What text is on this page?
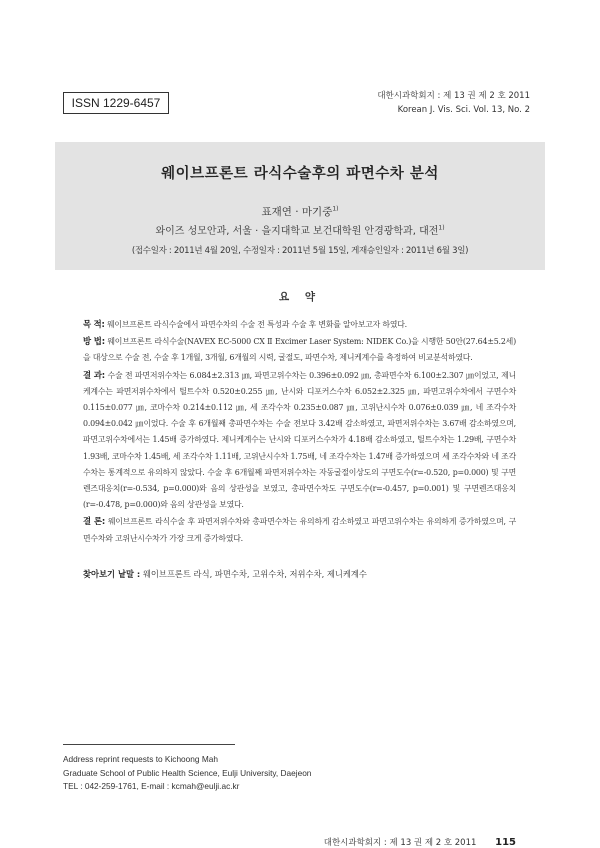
ISSN 1229-6457	대한시과학회지 : 제 13 권 제 2 호 2011
Korean J. Vis. Sci. Vol. 13, No. 2
웨이브프론트 라식수술후의 파면수차 분석
표재연 · 마기중$^{1)}$
와이즈 성모안과, 서울 · 을지대학교 보건대학원 안경광학과, 대전$^{1)}$
(접수일자 : 2011년 4월 20일, 수정일자 : 2011년 5월 15일, 게재승인일자 : 2011년 6월 3일)
요 약

목 적: 웨이브프론트 라식수술에서 파면수차의 수술 전 특성과 수술 후 변화를 알아보고자 하였다.

방 법: 웨이브프론트 라식수술(NAVEX EC-5000 CX Ⅱ Excimer Laser System: NIDEK Co.)을 시행한 50안(27.64±5.2세)을 대상으로 수술 전, 수술 후 1개월, 3개월, 6개월의 시력, 굴절도, 파면수차, 제니케계수를 측정하여 비교분석하였다.

결 과: 수술 전 파면저위수차는 6.084±2.313 ㎛, 파면고위수차는 0.396±0.092 ㎛, 총파면수차 6.100±2.307 ㎛이었고, 제니케계수는 파면저위수차에서 틸트수차 0.520±0.255 ㎛, 난시와 디포커스수차 6.052±2.325 ㎛, 파면고위수차에서 구면수차 0.115±0.077 ㎛, 코마수차 0.214±0.112 ㎛, 세 조각수차 0.235±0.087 ㎛, 고위난시수차 0.076±0.039 ㎛, 네 조각수차 0.094±0.042 ㎛이었다. 수술 후 6개월째 총파면수차는 수술 전보다 3.42배 감소하였고, 파면저위수차는 3.67배 감소하였으며, 파면고위수차에서는 1.45배 증가하였다. 제니케계수는 난시와 디포커스수차가 4.18배 감소하였고, 틸트수차는 1.29배, 구면수차 1.93배, 코마수차 1.45배, 세 조각수차 1.11배, 고위난시수차 1.75배, 네 조각수차는 1.47배 증가하였으며 세 조각수차와 네 조각수차는 통계적으로 유의하지 않았다. 수술 후 6개월째 파면저위수차는 자동굴절이상도의 구면도수(r=-0.520, p=0.000) 및 구면렌즈대응치(r=-0.534, p=0.000)와 음의 상관성을 보였고, 총파면수차도 구면도수(r=-0.457, p=0.001) 및 구면렌즈대응치(r=-0.478, p=0.000)와 음의 상관성을 보였다.

결 론: 웨이브프론트 라식수술 후 파면저위수차와 총파면수차는 유의하게 감소하였고 파면고위수차는 유의하게 증가하였으며, 구면수차와 고위난시수차가 가장 크게 증가하였다.

찾아보기 낱말 : 웨이브프론트 라식, 파면수차, 고위수차, 저위수차, 제니케계수
Address reprint requests to Kichoong Mah
Graduate School of Public Health Science, Eulji University, Daejeon
TEL : 042-259-1761, E-mail : kcmah@eulji.ac.kr
대한시과학회지 : 제 13 권 제 2 호 2011 115
